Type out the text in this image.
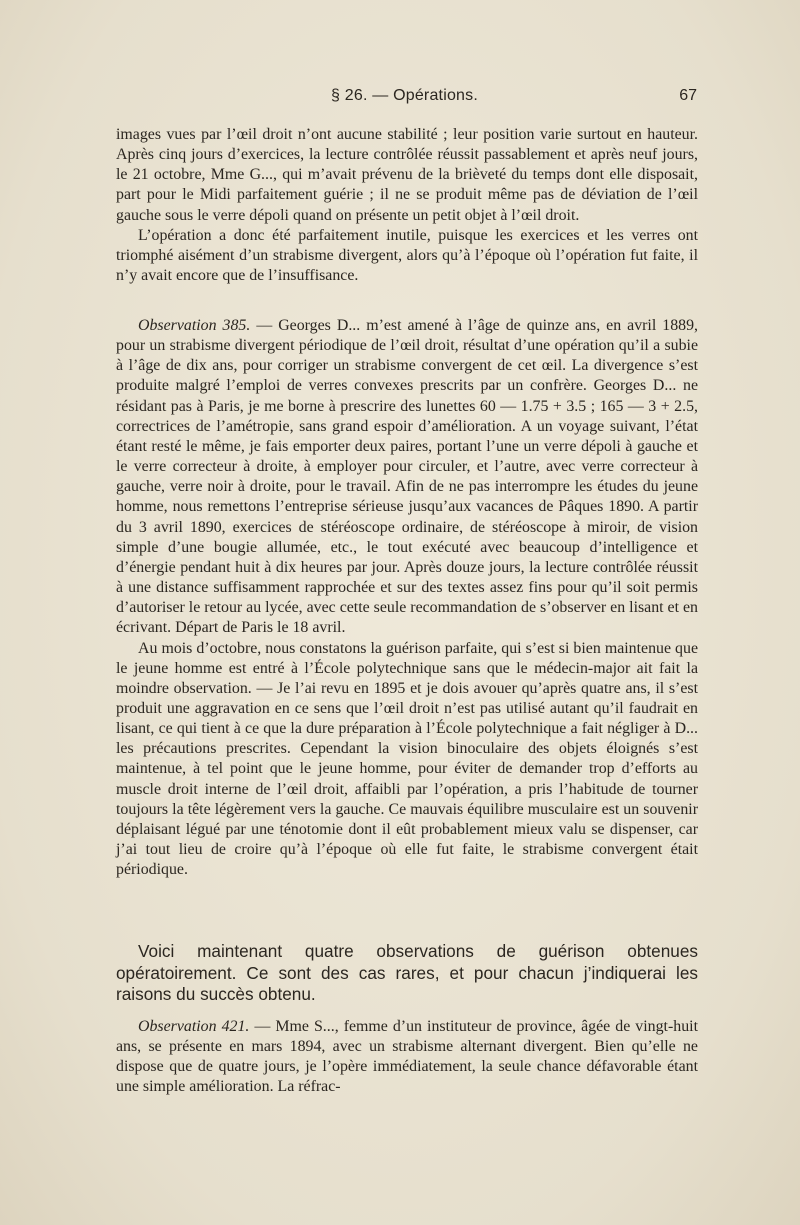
§ 26. — Opérations.	67

images vues par l’œil droit n’ont aucune stabilité ; leur position varie surtout en hauteur. Après cinq jours d’exercices, la lecture contrôlée réussit passablement et après neuf jours, le 21 octobre, Mme G..., qui m’avait prévenu de la brièveté du temps dont elle disposait, part pour le Midi parfaitement guérie ; il ne se produit même pas de déviation de l’œil gauche sous le verre dépoli quand on présente un petit objet à l’œil droit.

L’opération a donc été parfaitement inutile, puisque les exercices et les verres ont triomphé aisément d’un strabisme divergent, alors qu’à l’époque où l’opération fut faite, il n’y avait encore que de l’insuffisance.

Observation 385. — Georges D... m’est amené à l’âge de quinze ans, en avril 1889, pour un strabisme divergent périodique de l’œil droit, résultat d’une opération qu’il a subie à l’âge de dix ans, pour corriger un strabisme convergent de cet œil. La divergence s’est produite malgré l’emploi de verres convexes prescrits par un confrère. Georges D... ne résidant pas à Paris, je me borne à prescrire des lunettes 60 — 1.75 + 3.5 ; 165 — 3 + 2.5, correctrices de l’amétropie, sans grand espoir d’amélioration. A un voyage suivant, l’état étant resté le même, je fais emporter deux paires, portant l’une un verre dépoli à gauche et le verre correcteur à droite, à employer pour circuler, et l’autre, avec verre correcteur à gauche, verre noir à droite, pour le travail. Afin de ne pas interrompre les études du jeune homme, nous remettons l’entreprise sérieuse jusqu’aux vacances de Pâques 1890. A partir du 3 avril 1890, exercices de stéréoscope ordinaire, de stéréoscope à miroir, de vision simple d’une bougie allumée, etc., le tout exécuté avec beaucoup d’intelligence et d’énergie pendant huit à dix heures par jour. Après douze jours, la lecture contrôlée réussit à une distance suffisamment rapprochée et sur des textes assez fins pour qu’il soit permis d’autoriser le retour au lycée, avec cette seule recommandation de s’observer en lisant et en écrivant. Départ de Paris le 18 avril.

Au mois d’octobre, nous constatons la guérison parfaite, qui s’est si bien maintenue que le jeune homme est entré à l’École polytechnique sans que le médecin-major ait fait la moindre observation. — Je l’ai revu en 1895 et je dois avouer qu’après quatre ans, il s’est produit une aggravation en ce sens que l’œil droit n’est pas utilisé autant qu’il faudrait en lisant, ce qui tient à ce que la dure préparation à l’École polytechnique a fait négliger à D... les précautions prescrites. Cependant la vision binoculaire des objets éloignés s’est maintenue, à tel point que le jeune homme, pour éviter de demander trop d’efforts au muscle droit interne de l’œil droit, affaibli par l’opération, a pris l’habitude de tourner toujours la tête légèrement vers la gauche. Ce mauvais équilibre musculaire est un souvenir déplaisant légué par une ténotomie dont il eût probablement mieux valu se dispenser, car j’ai tout lieu de croire qu’à l’époque où elle fut faite, le strabisme convergent était périodique.

Voici maintenant quatre observations de guérison obtenues opératoirement. Ce sont des cas rares, et pour chacun j’indiquerai les raisons du succès obtenu.

Observation 421. — Mme S..., femme d’un instituteur de province, âgée de vingt-huit ans, se présente en mars 1894, avec un strabisme alternant divergent. Bien qu’elle ne dispose que de quatre jours, je l’opère immédiatement, la seule chance défavorable étant une simple amélioration. La réfrac-
